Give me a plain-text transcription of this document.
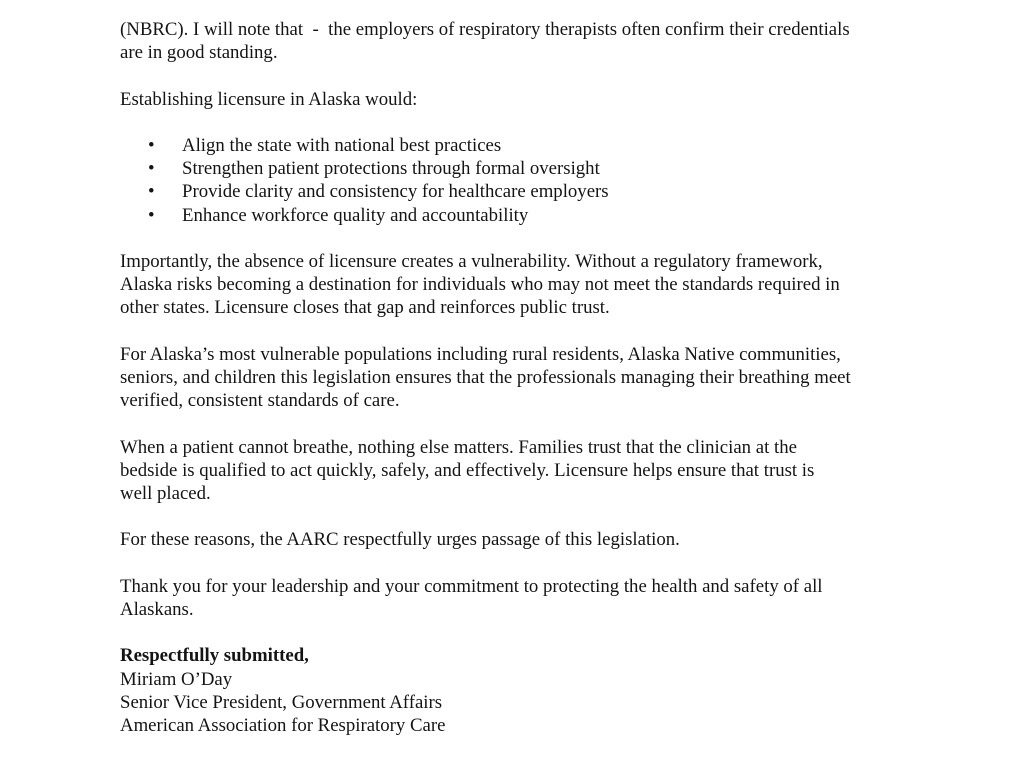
(NBRC). I will note that  -  the employers of respiratory therapists often confirm their credentials
are in good standing.
Establishing licensure in Alaska would:
• Align the state with national best practices
• Strengthen patient protections through formal oversight
• Provide clarity and consistency for healthcare employers
• Enhance workforce quality and accountability
Importantly, the absence of licensure creates a vulnerability. Without a regulatory framework,
Alaska risks becoming a destination for individuals who may not meet the standards required in
other states. Licensure closes that gap and reinforces public trust.
For Alaska’s most vulnerable populations including rural residents, Alaska Native communities,
seniors, and children this legislation ensures that the professionals managing their breathing meet
verified, consistent standards of care.
When a patient cannot breathe, nothing else matters. Families trust that the clinician at the
bedside is qualified to act quickly, safely, and effectively. Licensure helps ensure that trust is
well placed.
For these reasons, the AARC respectfully urges passage of this legislation.
Thank you for your leadership and your commitment to protecting the health and safety of all
Alaskans.
Respectfully submitted,
Miriam O’Day
Senior Vice President, Government Affairs
American Association for Respiratory Care
